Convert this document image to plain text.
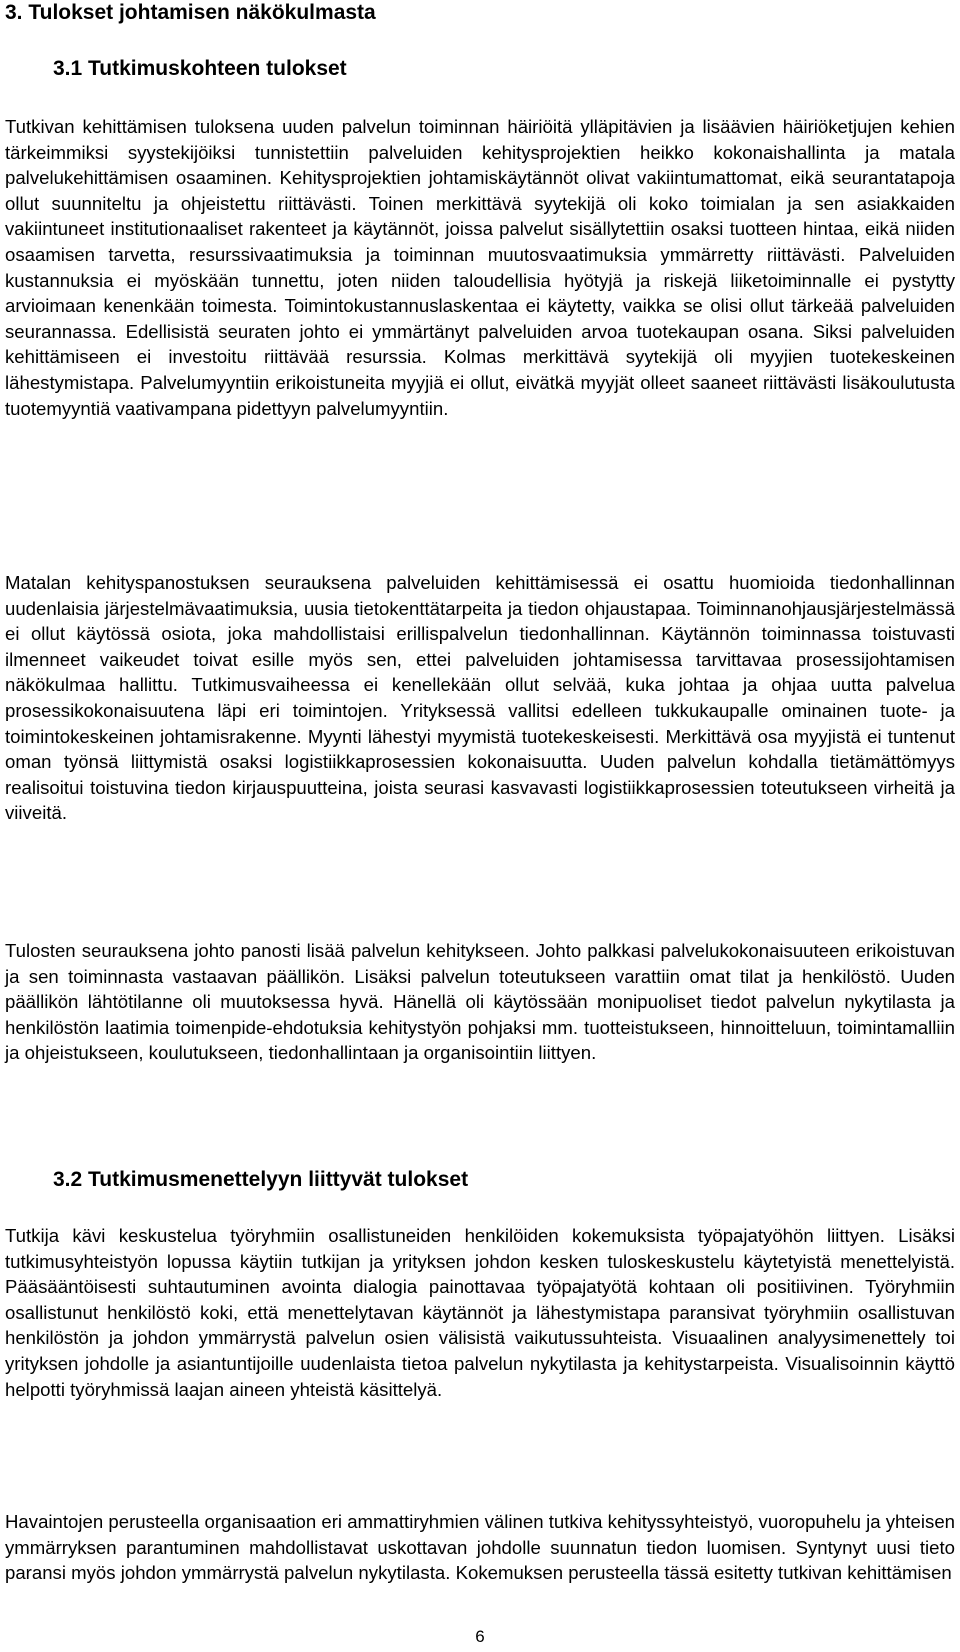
3. Tulokset johtamisen näkökulmasta
3.1 Tutkimuskohteen tulokset

Tutkivan kehittämisen tuloksena uuden palvelun toiminnan häiriöitä ylläpitävien ja lisäävien häiriöketjujen kehien tärkeimmiksi syystekijöiksi tunnistettiin palveluiden kehitysprojektien heikko kokonaishallinta ja matala palvelukehittämisen osaaminen. Kehitysprojektien johtamiskäytännöt olivat vakiintumattomat, eikä seurantatapoja ollut suunniteltu ja ohjeistettu riittävästi. Toinen merkittävä syytekijä oli koko toimialan ja sen asiakkaiden vakiintuneet institutionaaliset rakenteet ja käytännöt, joissa palvelut sisällytettiin osaksi tuotteen hintaa, eikä niiden osaamisen tarvetta, resurssivaatimuksia ja toiminnan muutosvaatimuksia ymmärretty riittävästi. Palveluiden kustannuksia ei myöskään tunnettu, joten niiden taloudellisia hyötyjä ja riskejä liiketoiminnalle ei pystytty arvioimaan kenenkään toimesta. Toimintokustannuslaskentaa ei käytetty, vaikka se olisi ollut tärkeää palveluiden seurannassa. Edellisistä seuraten johto ei ymmärtänyt palveluiden arvoa tuotekaupan osana. Siksi palveluiden kehittämiseen ei investoitu riittävää resurssia. Kolmas merkittävä syytekijä oli myyjien tuotekeskeinen lähestymistapa. Palvelumyyntiin erikoistuneita myyjiä ei ollut, eivätkä myyjät olleet saaneet riittävästi lisäkoulutusta tuotemyyntiä vaativampana pidettyyn palvelumyyntiin.

Matalan kehityspanostuksen seurauksena palveluiden kehittämisessä ei osattu huomioida tiedonhallinnan uudenlaisia järjestelmävaatimuksia, uusia tietokenttätarpeita ja tiedon ohjaustapaa. Toiminnanohjausjärjestelmässä ei ollut käytössä osiota, joka mahdollistaisi erillispalvelun tiedonhallinnan. Käytännön toiminnassa toistuvasti ilmenneet vaikeudet toivat esille myös sen, ettei palveluiden johtamisessa tarvittavaa prosessijohtamisen näkökulmaa hallittu. Tutkimusvaiheessa ei kenellekään ollut selvää, kuka johtaa ja ohjaa uutta palvelua prosessikokonaisuutena läpi eri toimintojen. Yrityksessä vallitsi edelleen tukkukaupalle ominainen tuote- ja toimintokeskeinen johtamisrakenne. Myynti lähestyi myymistä tuotekeskeisesti. Merkittävä osa myyjistä ei tuntenut oman työnsä liittymistä osaksi logistiikkaprosessien kokonaisuutta. Uuden palvelun kohdalla tietämättömyys realisoitui toistuvina tiedon kirjauspuutteina, joista seurasi kasvavasti logistiikkaprosessien toteutukseen virheitä ja viiveitä.

Tulosten seurauksena johto panosti lisää palvelun kehitykseen. Johto palkkasi palvelukokonaisuuteen erikoistuvan ja sen toiminnasta vastaavan päällikön. Lisäksi palvelun toteutukseen varattiin omat tilat ja henkilöstö. Uuden päällikön lähtötilanne oli muutoksessa hyvä. Hänellä oli käytössään monipuoliset tiedot palvelun nykytilasta ja henkilöstön laatimia toimenpide-ehdotuksia kehitystyön pohjaksi mm. tuotteistukseen, hinnoitteluun, toimintamalliin ja ohjeistukseen, koulutukseen, tiedonhallintaan ja organisointiin liittyen.

3.2 Tutkimusmenettelyyn liittyvät tulokset

Tutkija kävi keskustelua työryhmiin osallistuneiden henkilöiden kokemuksista työpajatyöhön liittyen. Lisäksi tutkimusyhteistyön lopussa käytiin tutkijan ja yrityksen johdon kesken tuloskeskustelu käytetyistä menettelyistä. Pääsääntöisesti suhtautuminen avointa dialogia painottavaa työpajatyötä kohtaan oli positiivinen. Työryhmiin osallistunut henkilöstö koki, että menettelytavan käytännöt ja lähestymistapa paransivat työryhmiin osallistuvan henkilöstön ja johdon ymmärrystä palvelun osien välisistä vaikutussuhteista. Visuaalinen analyysimenettely toi yrityksen johdolle ja asiantuntijoille uudenlaista tietoa palvelun nykytilasta ja kehitystarpeista. Visualisoinnin käyttö helpotti työryhmissä laajan aineen yhteistä käsittelyä.

Havaintojen perusteella organisaation eri ammattiryhmien välinen tutkiva kehityssyhteistyö, vuoropuhelu ja yhteisen ymmärryksen parantuminen mahdollistavat uskottavan johdolle suunnatun tiedon luomisen. Syntynyt uusi tieto paransi myös johdon ymmärrystä palvelun nykytilasta. Kokemuksen perusteella tässä esitetty tutkivan kehittämisen

6
